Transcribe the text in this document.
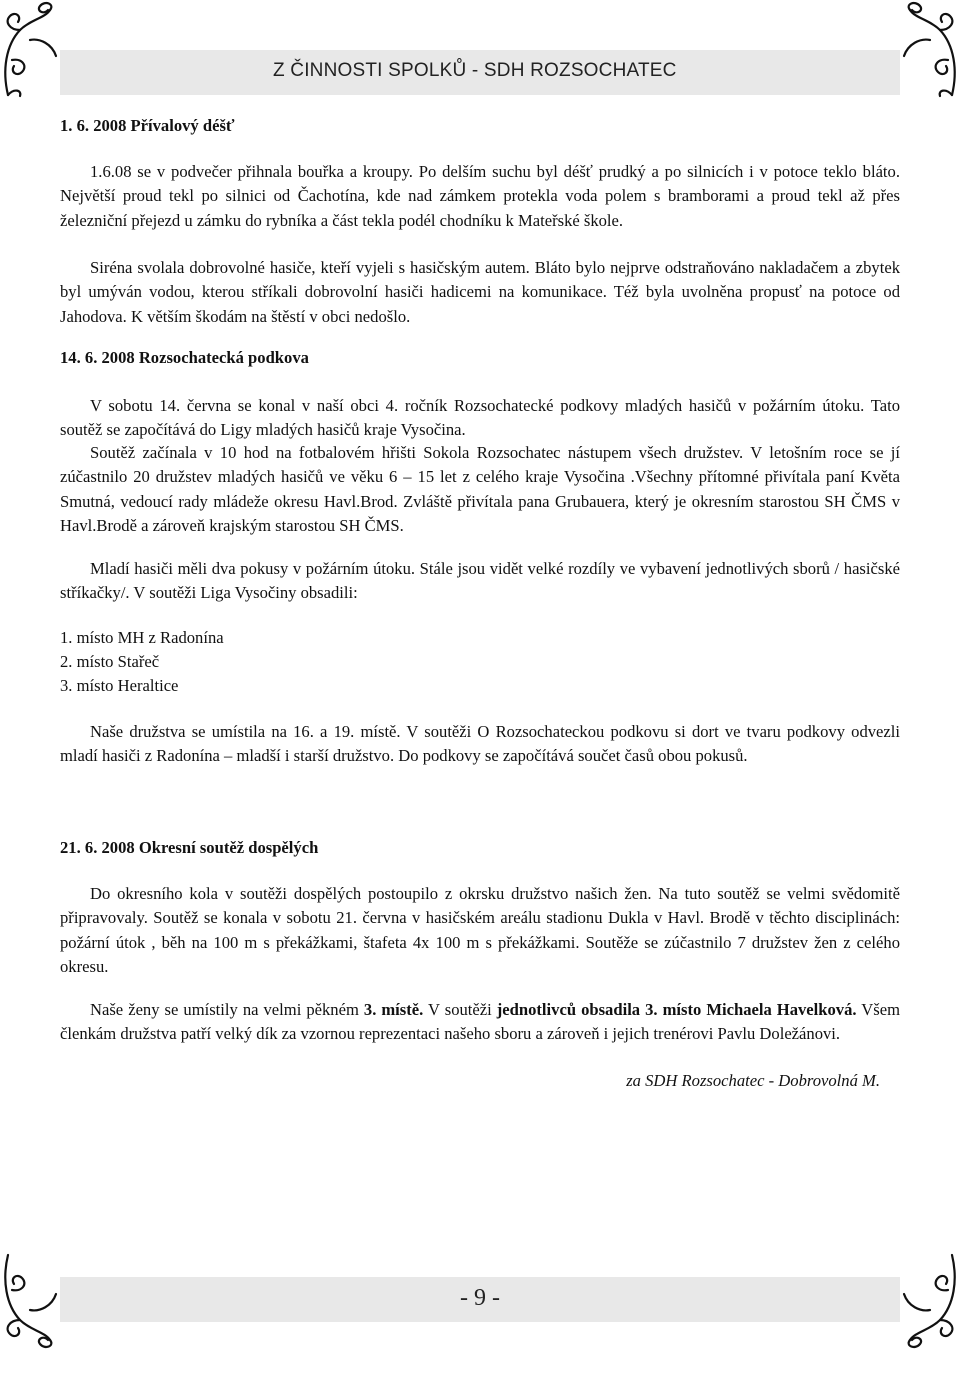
Z ČINNOSTI SPOLKŮ - SDH ROZSOCHATEC
1. 6. 2008 Přívalový déšť

1.6.08 se v podvečer přihnala bouřka a kroupy. Po delším suchu byl déšť prudký a po silnicích i v potoce teklo bláto. Největší proud tekl po silnici od Čachotína, kde nad zámkem protekla voda polem s bramborami a proud tekl až přes železniční přejezd u zámku do rybníka a část tekla podél chodníku k Mateřské škole.

Siréna svolala dobrovolné hasiče, kteří vyjeli s hasičským autem. Bláto bylo nejprve odstraňováno nakladačem a zbytek byl umýván vodou, kterou stříkali dobrovolní hasiči hadicemi na komunikace. Též byla uvolněna propusť na potoce od Jahodova. K větším škodám na štěstí v obci nedošlo.

14. 6. 2008 Rozsochatecká podkova

V sobotu 14. června se konal v naší obci 4. ročník Rozsochatecké podkovy mladých hasičů v požárním útoku. Tato soutěž se započítává do Ligy mladých hasičů kraje Vysočina.

Soutěž začínala v 10 hod na fotbalovém hřišti Sokola Rozsochatec nástupem všech družstev. V letošním roce se jí zúčastnilo 20 družstev mladých hasičů ve věku 6 – 15 let z celého kraje Vysočina .Všechny přítomné přivítala paní Květa Smutná, vedoucí rady mládeže okresu Havl.Brod. Zvláště přivítala pana Grubauera, který je okresním starostou SH ČMS v Havl.Brodě a zároveň krajským starostou SH ČMS.

Mladí hasiči měli dva pokusy v požárním útoku. Stále jsou vidět velké rozdíly ve vybavení jednotlivých sborů / hasičské stříkačky/. V soutěži Liga Vysočiny obsadili:

1. místo MH z Radonína
2. místo Stařeč
3. místo Heraltice

Naše družstva se umístila na 16. a 19. místě. V soutěži O Rozsochateckou podkovu si dort ve tvaru podkovy odvezli mladí hasiči z Radonína – mladší i starší družstvo. Do podkovy se započítává součet časů obou pokusů.

21. 6. 2008 Okresní soutěž dospělých

Do okresního kola v soutěži dospělých postoupilo z okrsku družstvo našich žen. Na tuto soutěž se velmi svědomitě připravovaly. Soutěž se konala v sobotu 21. června v hasičském areálu stadionu Dukla v Havl. Brodě v těchto disciplinách: požární útok , běh na 100 m s překážkami, štafeta 4x 100 m s překážkami. Soutěže se zúčastnilo 7 družstev žen z celého okresu.

Naše ženy se umístily na velmi pěkném 3. místě. V soutěži jednotlivců obsadila 3. místo Michaela Havelková. Všem členkám družstva patří velký dík za vzornou reprezentaci našeho sboru a zároveň i jejich trenérovi Pavlu Doležánovi.

za SDH Rozsochatec - Dobrovolná M.
- 9 -
